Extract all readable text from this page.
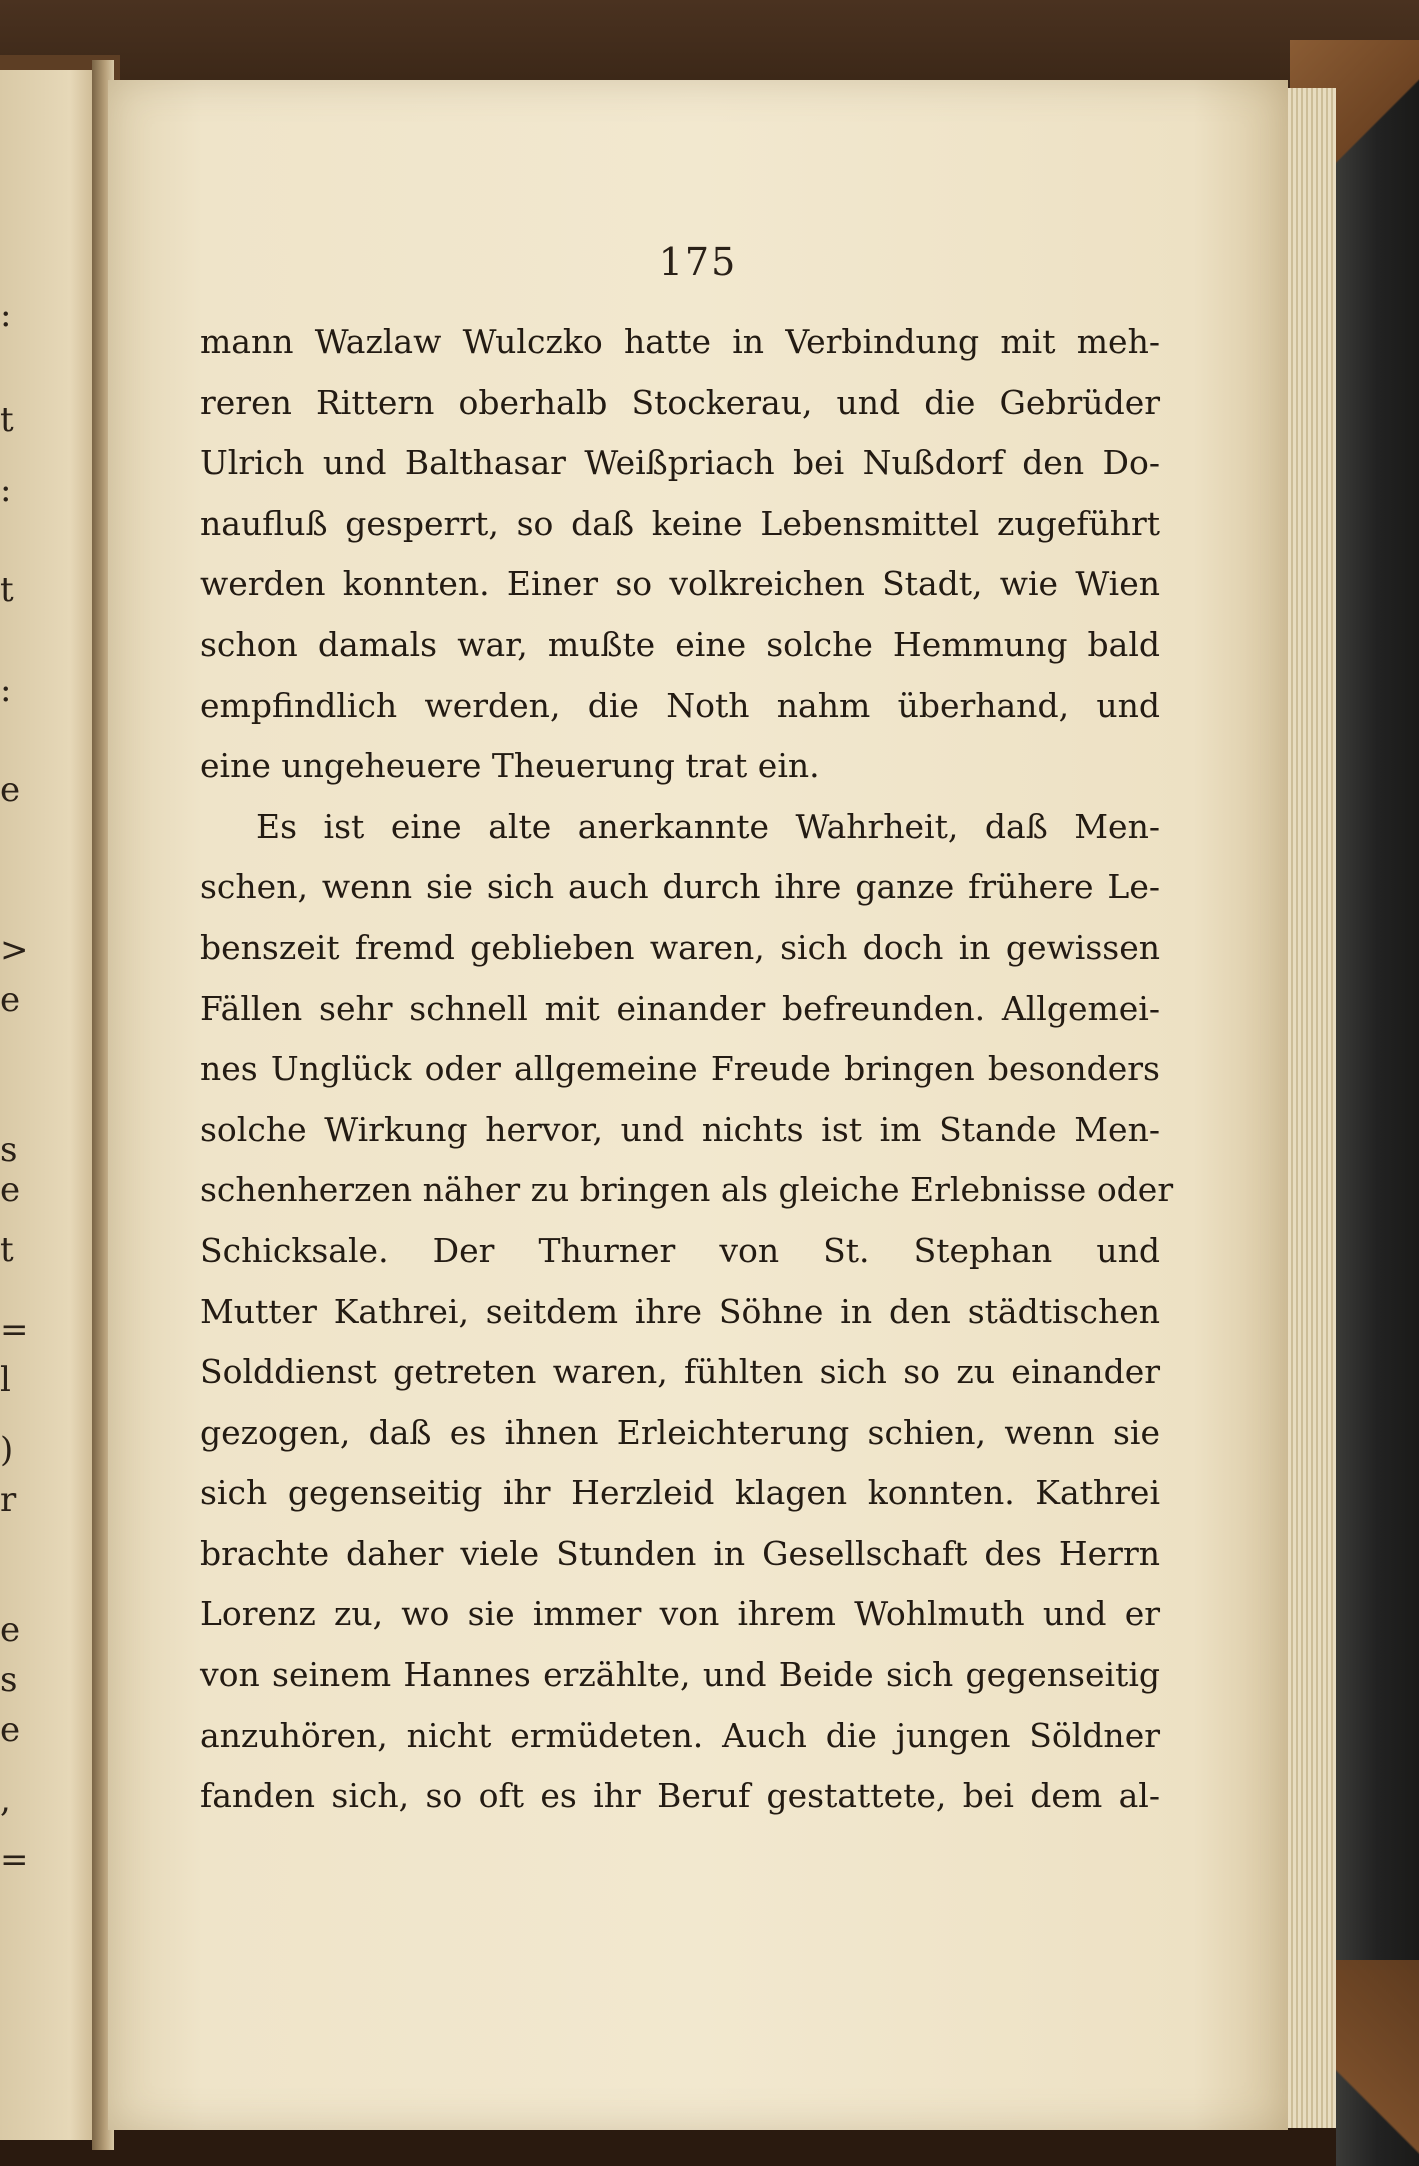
:
t
:
t
:
e
>
e
s
e
t
=
l
)
r
e
s
e
,
=
175
mann Wazlaw Wulczko hatte in Verbindung mit meh-
reren Rittern oberhalb Stockerau, und die Gebrüder
Ulrich und Balthasar Weißpriach bei Nußdorf den Do-
naufluß gesperrt, so daß keine Lebensmittel zugeführt
werden konnten. Einer so volkreichen Stadt, wie Wien
schon damals war, mußte eine solche Hemmung bald
empfindlich werden, die Noth nahm überhand, und
eine ungeheuere Theuerung trat ein.
Es ist eine alte anerkannte Wahrheit, daß Men-
schen, wenn sie sich auch durch ihre ganze frühere Le-
benszeit fremd geblieben waren, sich doch in gewissen
Fällen sehr schnell mit einander befreunden. Allgemei-
nes Unglück oder allgemeine Freude bringen besonders
solche Wirkung hervor, und nichts ist im Stande Men-
schenherzen näher zu bringen als gleiche Erlebnisse oder
Schicksale. Der Thurner von St. Stephan und
Mutter Kathrei, seitdem ihre Söhne in den städtischen
Solddienst getreten waren, fühlten sich so zu einander
gezogen, daß es ihnen Erleichterung schien, wenn sie
sich gegenseitig ihr Herzleid klagen konnten. Kathrei
brachte daher viele Stunden in Gesellschaft des Herrn
Lorenz zu, wo sie immer von ihrem Wohlmuth und er
von seinem Hannes erzählte, und Beide sich gegenseitig
anzuhören, nicht ermüdeten. Auch die jungen Söldner
fanden sich, so oft es ihr Beruf gestattete, bei dem al-
